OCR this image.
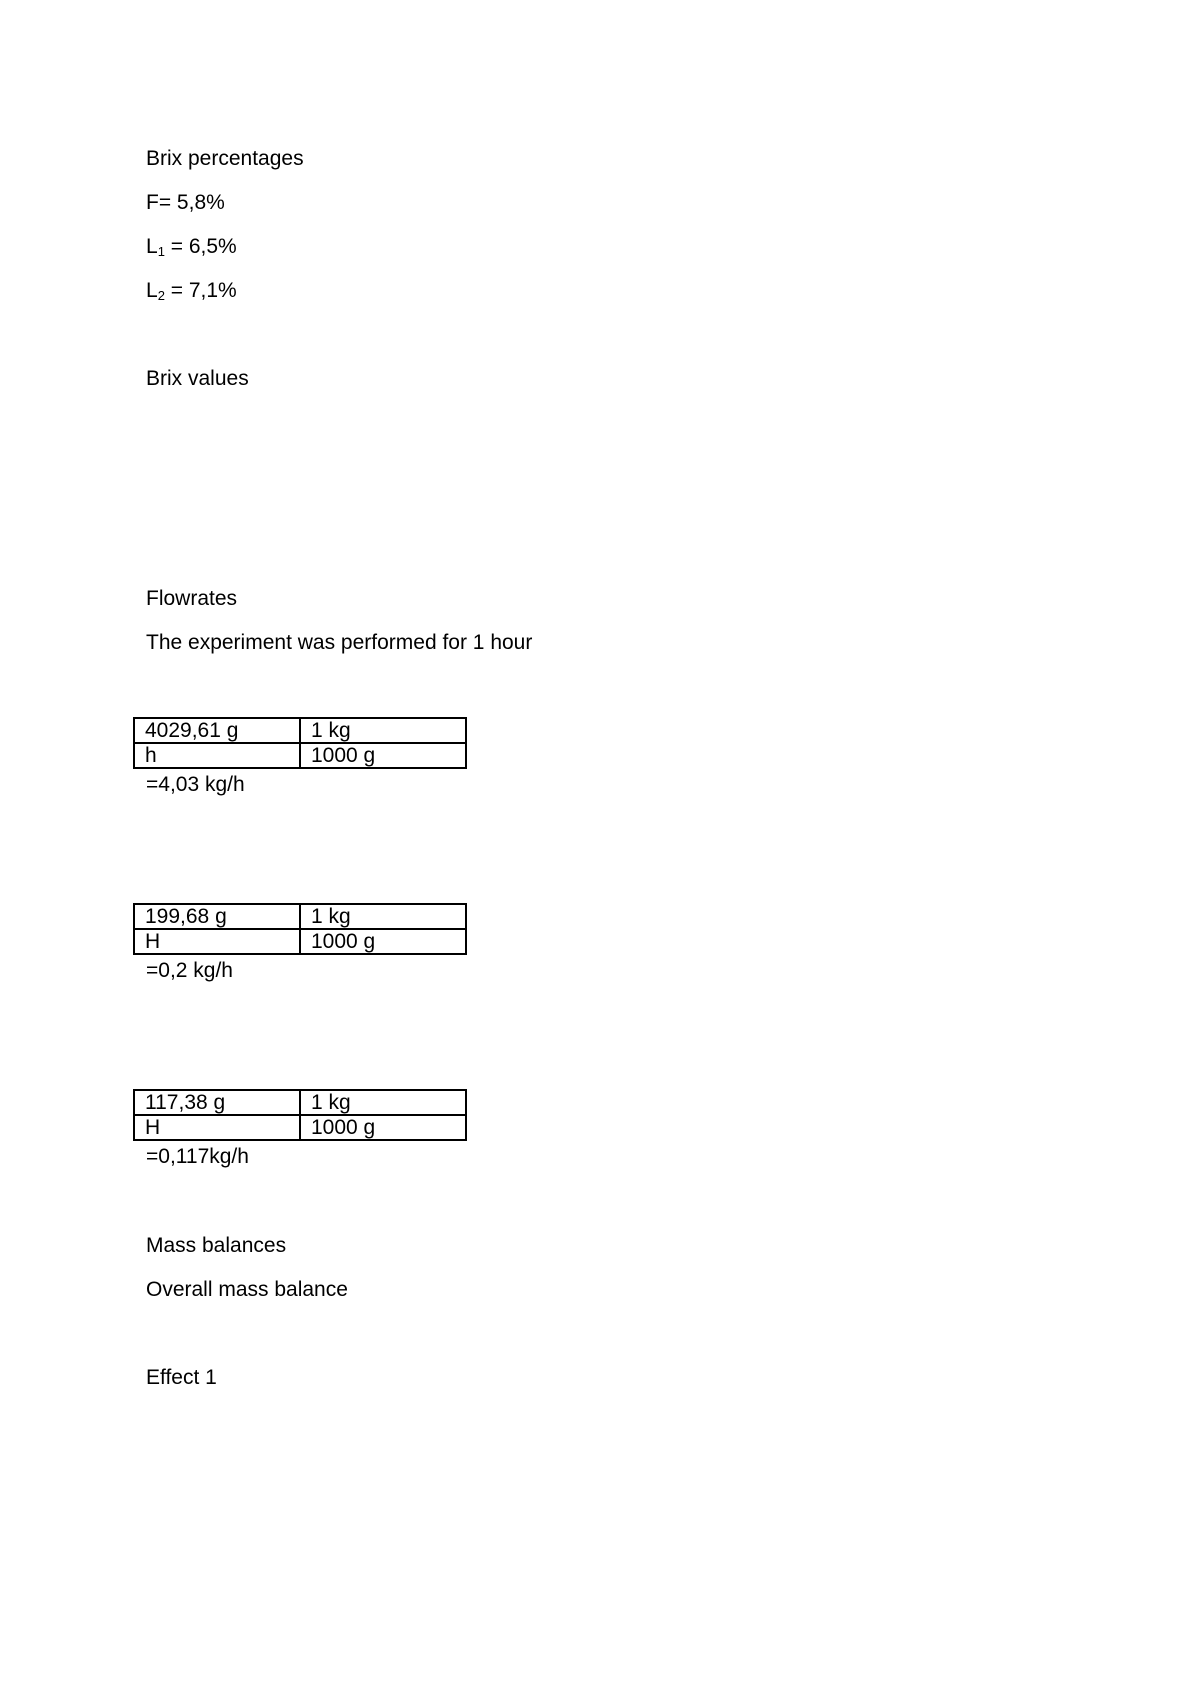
Brix percentages
F= 5,8%
$L_1 = 6,5\%$
$L_2 = 7,1\%$
Brix values
Flowrates
The experiment was performed for 1 hour
4029,61 g	1 kg
h	1000 g
=4,03 kg/h
199,68 g	1 kg
H	1000 g
=0,2 kg/h
117,38 g	1 kg
H	1000 g
=0,117kg/h
Mass balances
Overall mass balance
Effect 1
